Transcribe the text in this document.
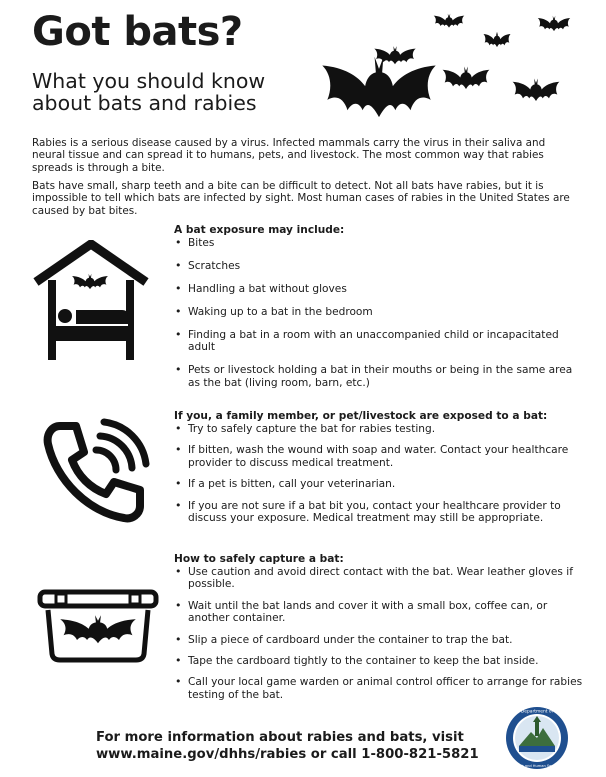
Got bats?
What you should know
about bats and rabies
Rabies is a serious disease caused by a virus. Infected mammals carry the virus in their saliva and neural tissue and can spread it to humans, pets, and livestock. The most common way that rabies spreads is through a bite.
Bats have small, sharp teeth and a bite can be difficult to detect. Not all bats have rabies, but it is impossible to tell which bats are infected by sight. Most human cases of rabies in the United States are caused by bat bites.
A bat exposure may include:
• Bites
• Scratches
• Handling a bat without gloves
• Waking up to a bat in the bedroom
• Finding a bat in a room with an unaccompanied child or incapacitated adult
• Pets or livestock holding a bat in their mouths or being in the same area as the bat (living room, barn, etc.)
If you, a family member, or pet/livestock are exposed to a bat:
• Try to safely capture the bat for rabies testing.
• If bitten, wash the wound with soap and water. Contact your healthcare provider to discuss medical treatment.
• If a pet is bitten, call your veterinarian.
• If you are not sure if a bat bit you, contact your healthcare provider to discuss your exposure. Medical treatment may still be appropriate.
How to safely capture a bat:
• Use caution and avoid direct contact with the bat. Wear leather gloves if possible.
• Wait until the bat lands and cover it with a small box, coffee can, or another container.
• Slip a piece of cardboard under the container to trap the bat.
• Tape the cardboard tightly to the container to keep the bat inside.
• Call your local game warden or animal control officer to arrange for rabies testing of the bat.
For more information about rabies and bats, visit
www.maine.gov/dhhs/rabies or call 1-800-821-5821
Department of
Health and Human Services
